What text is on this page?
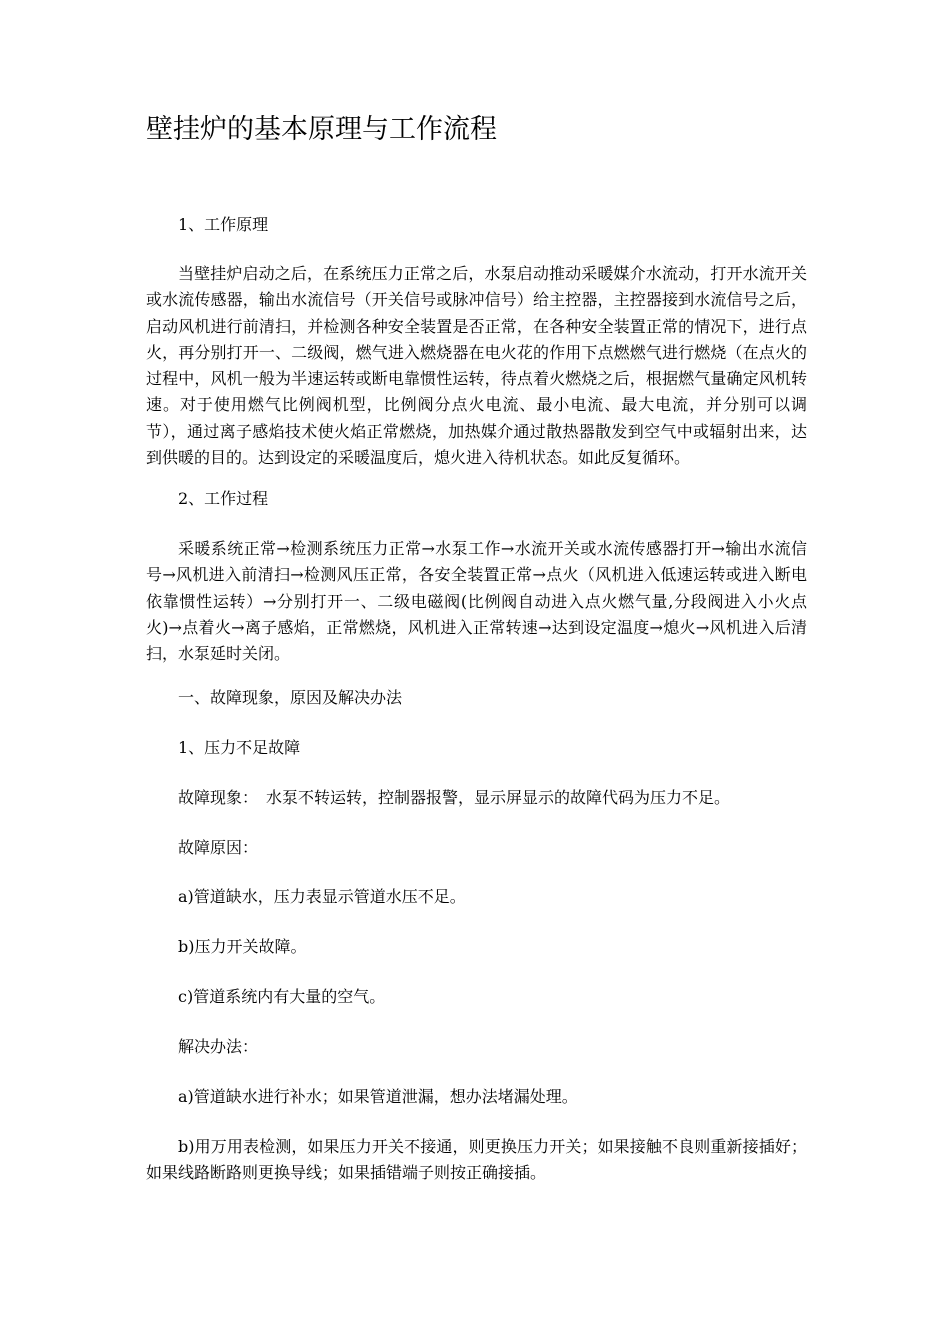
壁挂炉的基本原理与工作流程
1、工作原理

当壁挂炉启动之后，在系统压力正常之后，水泵启动推动采暖媒介水流动，打开水流开关或水流传感器，输出水流信号（开关信号或脉冲信号）给主控器，主控器接到水流信号之后，启动风机进行前清扫，并检测各种安全装置是否正常，在各种安全装置正常的情况下，进行点火，再分别打开一、二级阀，燃气进入燃烧器在电火花的作用下点燃燃气进行燃烧（在点火的过程中，风机一般为半速运转或断电靠惯性运转，待点着火燃烧之后，根据燃气量确定风机转速。对于使用燃气比例阀机型，比例阀分点火电流、最小电流、最大电流，并分别可以调节），通过离子感焰技术使火焰正常燃烧，加热媒介通过散热器散发到空气中或辐射出来，达到供暖的目的。达到设定的采暖温度后，熄火进入待机状态。如此反复循环。

2、工作过程

采暖系统正常→检测系统压力正常→水泵工作→水流开关或水流传感器打开→输出水流信号→风机进入前清扫→检测风压正常，各安全装置正常→点火（风机进入低速运转或进入断电依靠惯性运转）→分别打开一、二级电磁阀(比例阀自动进入点火燃气量,分段阀进入小火点火)→点着火→离子感焰，正常燃烧，风机进入正常转速→达到设定温度→熄火→风机进入后清扫，水泵延时关闭。

一、故障现象，原因及解决办法
1、压力不足故障
故障现象：　水泵不转运转，控制器报警，显示屏显示的故障代码为压力不足。
故障原因：
a)管道缺水，压力表显示管道水压不足。
b)压力开关故障。
c)管道系统内有大量的空气。
解决办法：
a)管道缺水进行补水；如果管道泄漏，想办法堵漏处理。

b)用万用表检测，如果压力开关不接通，则更换压力开关；如果接触不良则重新接插好；如果线路断路则更换导线；如果插错端子则按正确接插。
